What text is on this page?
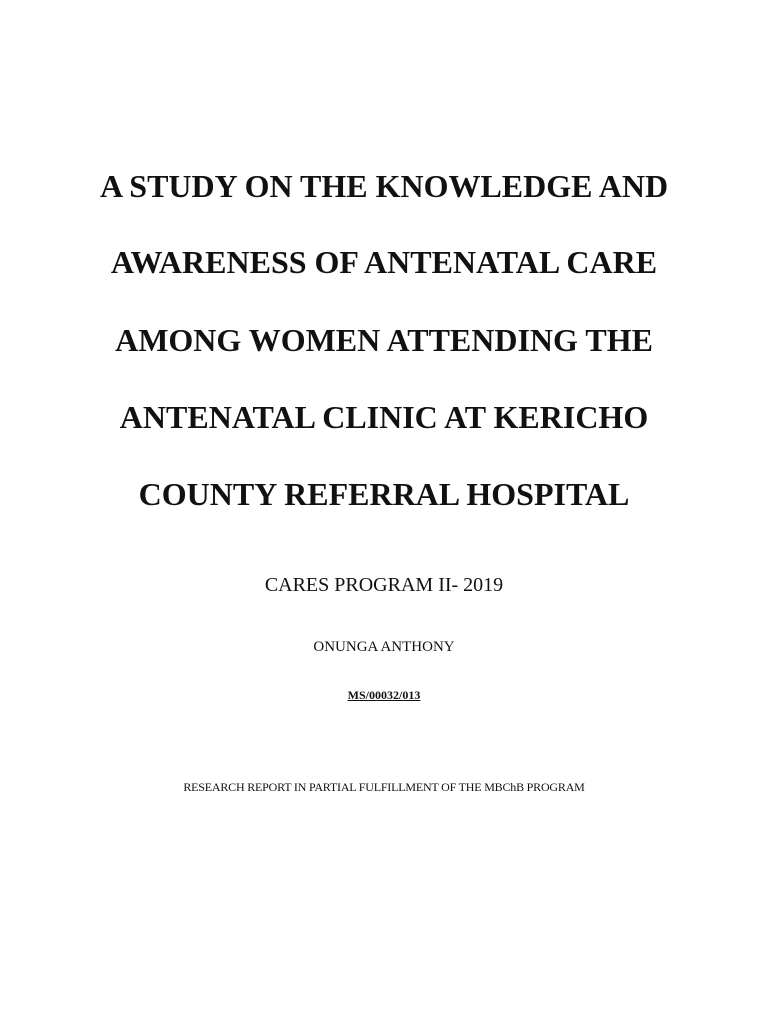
A STUDY ON THE KNOWLEDGE AND
AWARENESS OF ANTENATAL CARE
AMONG WOMEN ATTENDING THE
ANTENATAL CLINIC AT KERICHO
COUNTY REFERRAL HOSPITAL
CARES PROGRAM II- 2019
ONUNGA ANTHONY
MS/00032/013
RESEARCH REPORT IN PARTIAL FULFILLMENT OF THE MBChB PROGRAM
